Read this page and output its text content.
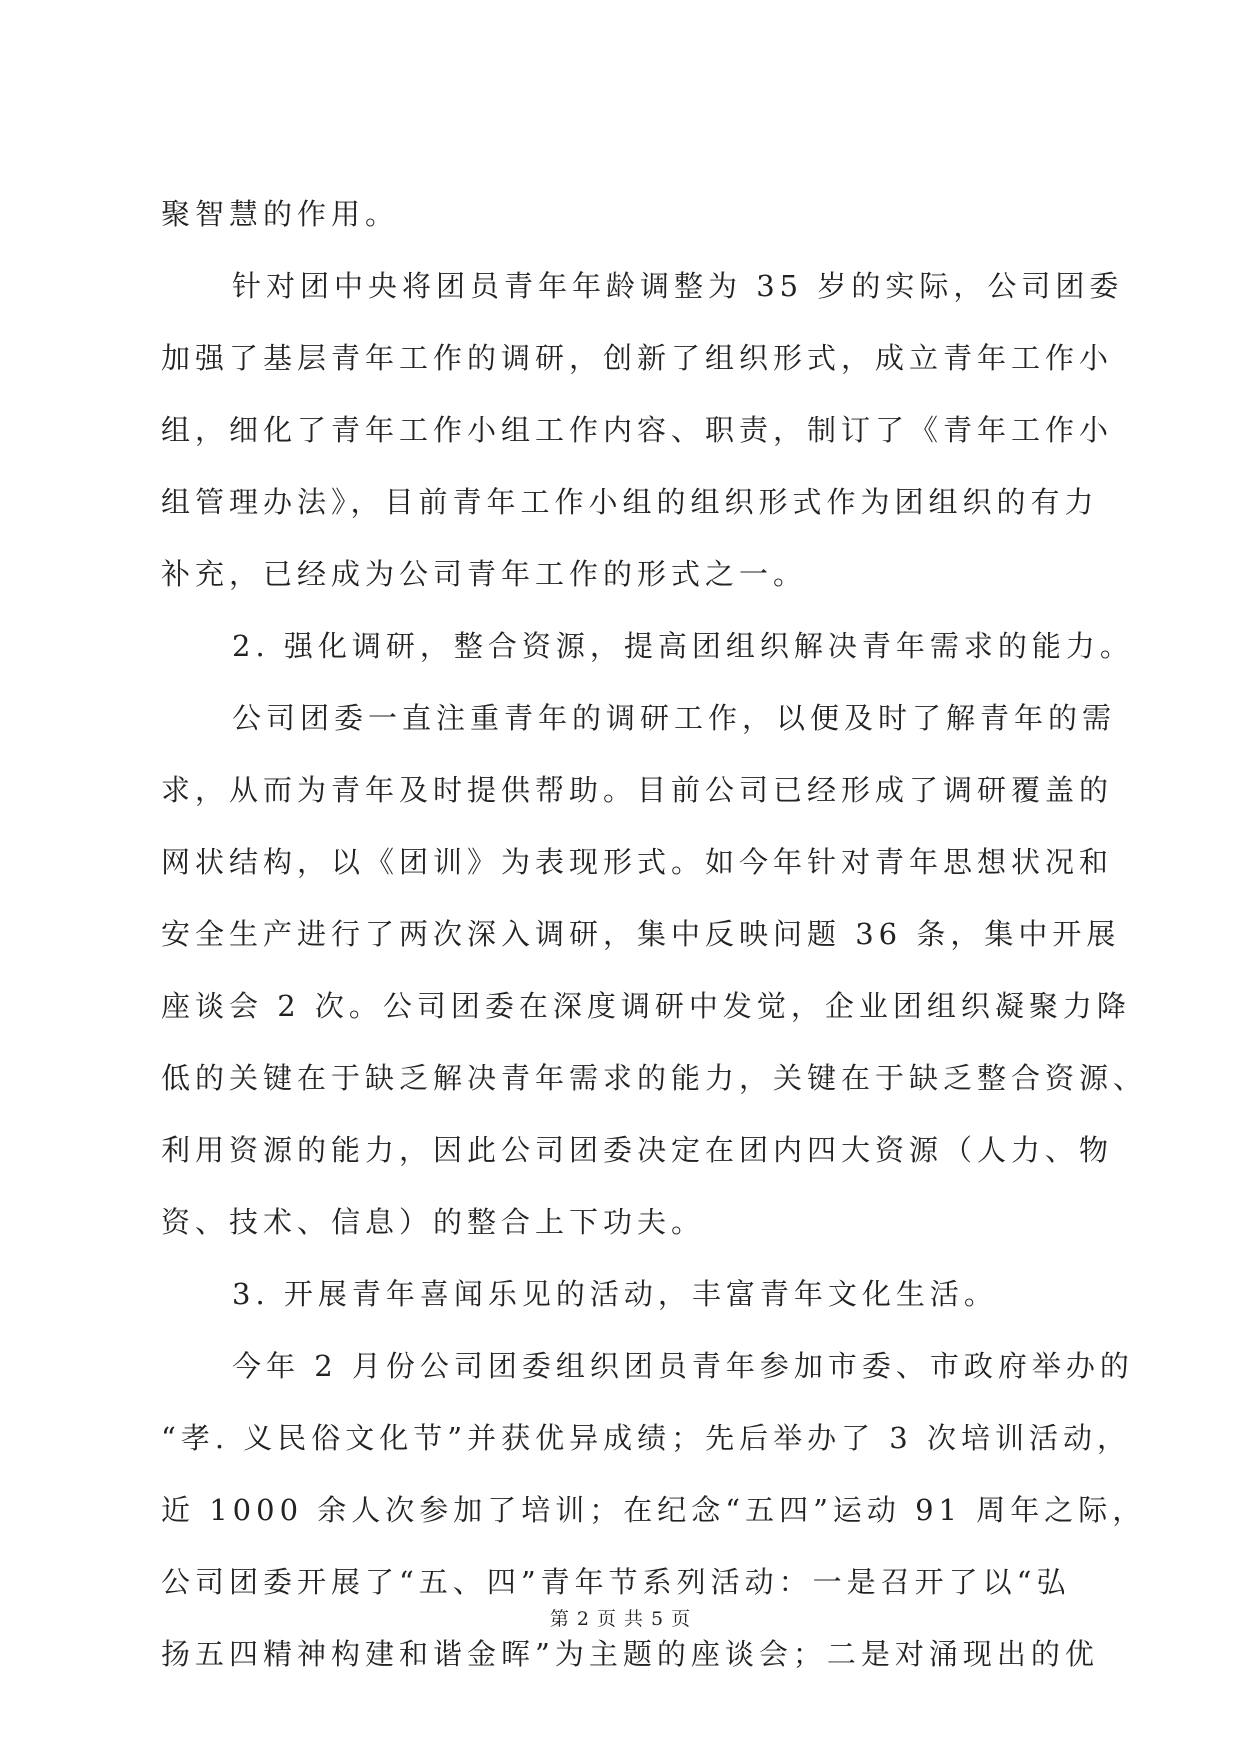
聚智慧的作用。
针对团中央将团员青年年龄调整为 35 岁的实际，公司团委
加强了基层青年工作的调研，创新了组织形式，成立青年工作小
组，细化了青年工作小组工作内容、职责，制订了《青年工作小
组管理办法》，目前青年工作小组的组织形式作为团组织的有力
补充，已经成为公司青年工作的形式之一。
2. 强化调研，整合资源，提高团组织解决青年需求的能力。
公司团委一直注重青年的调研工作，以便及时了解青年的需
求，从而为青年及时提供帮助。目前公司已经形成了调研覆盖的
网状结构，以《团训》为表现形式。如今年针对青年思想状况和
安全生产进行了两次深入调研，集中反映问题 36 条，集中开展
座谈会 2 次。公司团委在深度调研中发觉，企业团组织凝聚力降
低的关键在于缺乏解决青年需求的能力，关键在于缺乏整合资源、
利用资源的能力，因此公司团委决定在团内四大资源（人力、物
资、技术、信息）的整合上下功夫。
3. 开展青年喜闻乐见的活动，丰富青年文化生活。
今年 2 月份公司团委组织团员青年参加市委、市政府举办的
“孝. 义民俗文化节”并获优异成绩；先后举办了 3 次培训活动，
近 1000 余人次参加了培训；在纪念“五四”运动 91 周年之际，
公司团委开展了“五、四”青年节系列活动：一是召开了以“弘
扬五四精神构建和谐金晖”为主题的座谈会；二是对涌现出的优
第 2 页 共 5 页
